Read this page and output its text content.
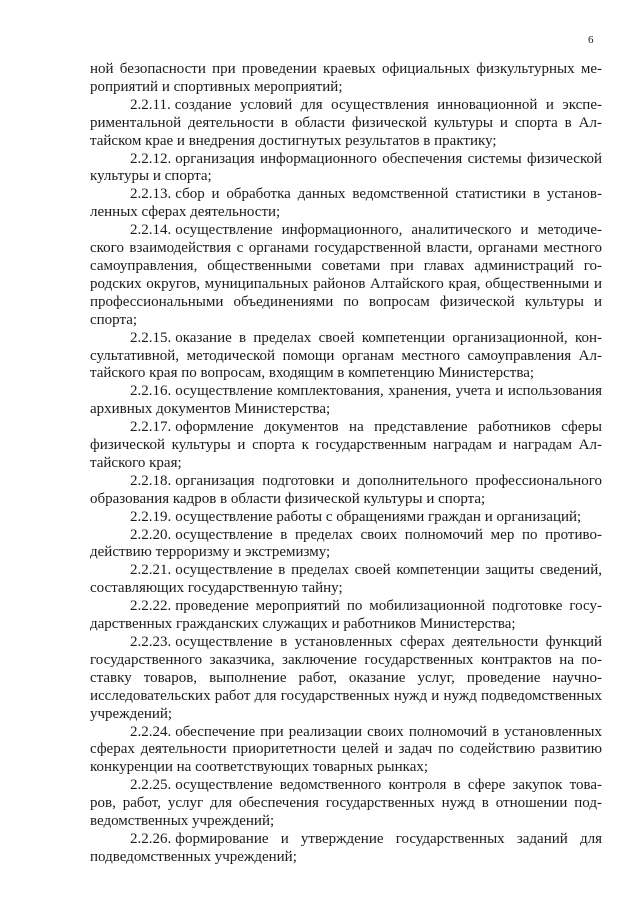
6

ной безопасности при проведении краевых официальных физкультурных мероприятий и спортивных мероприятий;

2.2.11. создание условий для осуществления инновационной и экспериментальной деятельности в области физической культуры и спорта в Алтайском крае и внедрения достигнутых результатов в практику;

2.2.12. организация информационного обеспечения системы физической культуры и спорта;

2.2.13. сбор и обработка данных ведомственной статистики в установленных сферах деятельности;

2.2.14. осуществление информационного, аналитического и методического взаимодействия с органами государственной власти, органами местного самоуправления, общественными советами при главах администраций городских округов, муниципальных районов Алтайского края, общественными и профессиональными объединениями по вопросам физической культуры и спорта;

2.2.15. оказание в пределах своей компетенции организационной, консультативной, методической помощи органам местного самоуправления Алтайского края по вопросам, входящим в компетенцию Министерства;

2.2.16. осуществление комплектования, хранения, учета и использования архивных документов Министерства;

2.2.17. оформление документов на представление работников сферы физической культуры и спорта к государственным наградам и наградам Алтайского края;

2.2.18. организация подготовки и дополнительного профессионального образования кадров в области физической культуры и спорта;

2.2.19. осуществление работы с обращениями граждан и организаций;

2.2.20. осуществление в пределах своих полномочий мер по противодействию терроризму и экстремизму;

2.2.21. осуществление в пределах своей компетенции защиты сведений, составляющих государственную тайну;

2.2.22. проведение мероприятий по мобилизационной подготовке государственных гражданских служащих и работников Министерства;

2.2.23. осуществление в установленных сферах деятельности функций государственного заказчика, заключение государственных контрактов на поставку товаров, выполнение работ, оказание услуг, проведение научно-исследовательских работ для государственных нужд и нужд подведомственных учреждений;

2.2.24. обеспечение при реализации своих полномочий в установленных сферах деятельности приоритетности целей и задач по содействию развитию конкуренции на соответствующих товарных рынках;

2.2.25. осуществление ведомственного контроля в сфере закупок товаров, работ, услуг для обеспечения государственных нужд в отношении подведомственных учреждений;

2.2.26. формирование и утверждение государственных заданий для подведомственных учреждений;
